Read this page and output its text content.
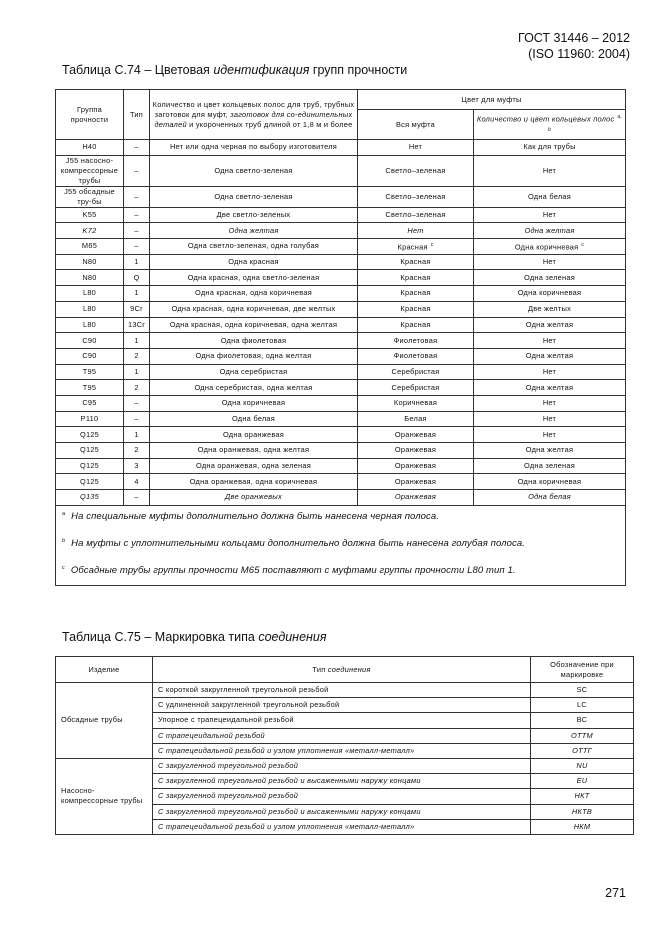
ГОСТ 31446 – 2012
(ISO 11960: 2004)
Таблица С.74 – Цветовая идентификация групп прочности
Группа прочности	Тип	Количество и цвет кольцевых полос для труб, трубных заготовок для муфт, заготовок для со-единительных деталей и укороченных труб длиной от 1,8 м и более	Цвет для муфты	
			Вся муфта	Количество и цвет кольцевых полос $^{a, b}$
H40	–	Нет или одна черная по выбору изготовителя	Нет	Как для трубы
J55 насосно-компрессорные трубы	–	Одна светло-зеленая	Светло–зеленая	Нет
J55 обсадные тру-бы	–	Одна светло-зеленая	Светло–зеленая	Одна белая
K55	–	Две светло-зеленых	Светло–зеленая	Нет
K72	–	Одна желтая	Нет	Одна желтая
M65	–	Одна светло-зеленая, одна голубая	Красная $^c$	Одна коричневая $^c$
N80	1	Одна красная	Красная	Нет
N80	Q	Одна красная, одна светло-зеленая	Красная	Одна зеленая
L80	1	Одна красная, одна коричневая	Красная	Одна коричневая
L80	9Cr	Одна красная, одна коричневая, две желтых	Красная	Две желтых
L80	13Cr	Одна красная, одна коричневая, одна желтая	Красная	Одна желтая
C90	1	Одна фиолетовая	Фиолетовая	Нет
C90	2	Одна фиолетовая, одна желтая	Фиолетовая	Одна желтая
T95	1	Одна серебристая	Серебристая	Нет
T95	2	Одна серебристая, одна желтая	Серебристая	Одна желтая
C95	–	Одна коричневая	Коричневая	Нет
P110	–	Одна белая	Белая	Нет
Q125	1	Одна оранжевая	Оранжевая	Нет
Q125	2	Одна оранжевая, одна желтая	Оранжевая	Одна желтая
Q125	3	Одна оранжевая, одна зеленая	Оранжевая	Одна зеленая
Q125	4	Одна оранжевая, одна коричневая	Оранжевая	Одна коричневая
Q135	–	Две оранжевых	Оранжевая	Одна белая

$^a$ На специальные муфты дополнительно должна быть нанесена черная полоса.
$^b$ На муфты с уплотнительными кольцами дополнительно должна быть нанесена голубая полоса.
$^c$ Обсадные трубы группы прочности M65 поставляют с муфтами группы прочности L80 тип 1.				
Таблица С.75 – Маркировка типа соединения
Изделие	Тип соединения	Обозначение при маркировке
Обсадные трубы	С короткой закругленной треугольной резьбой	SC
	С удлиненной закругленной треугольной резьбой	LC
	Упорное с трапецеидальной резьбой	BC
	С трапецеидальной резьбой	OTTM
	С трапецеидальной резьбой и узлом уплотнения «металл-металл»	ОТТГ
Насосно-компрессорные трубы	С закругленной треугольной резьбой	NU
	С закругленной треугольной резьбой и высаженными наружу концами	EU
	С закругленной треугольной резьбой	НКТ
	С закругленной треугольной резьбой и высаженными наружу концами	НКТВ
	С трапецеидальной резьбой и узлом уплотнения «металл-металл»	НКМ
271
